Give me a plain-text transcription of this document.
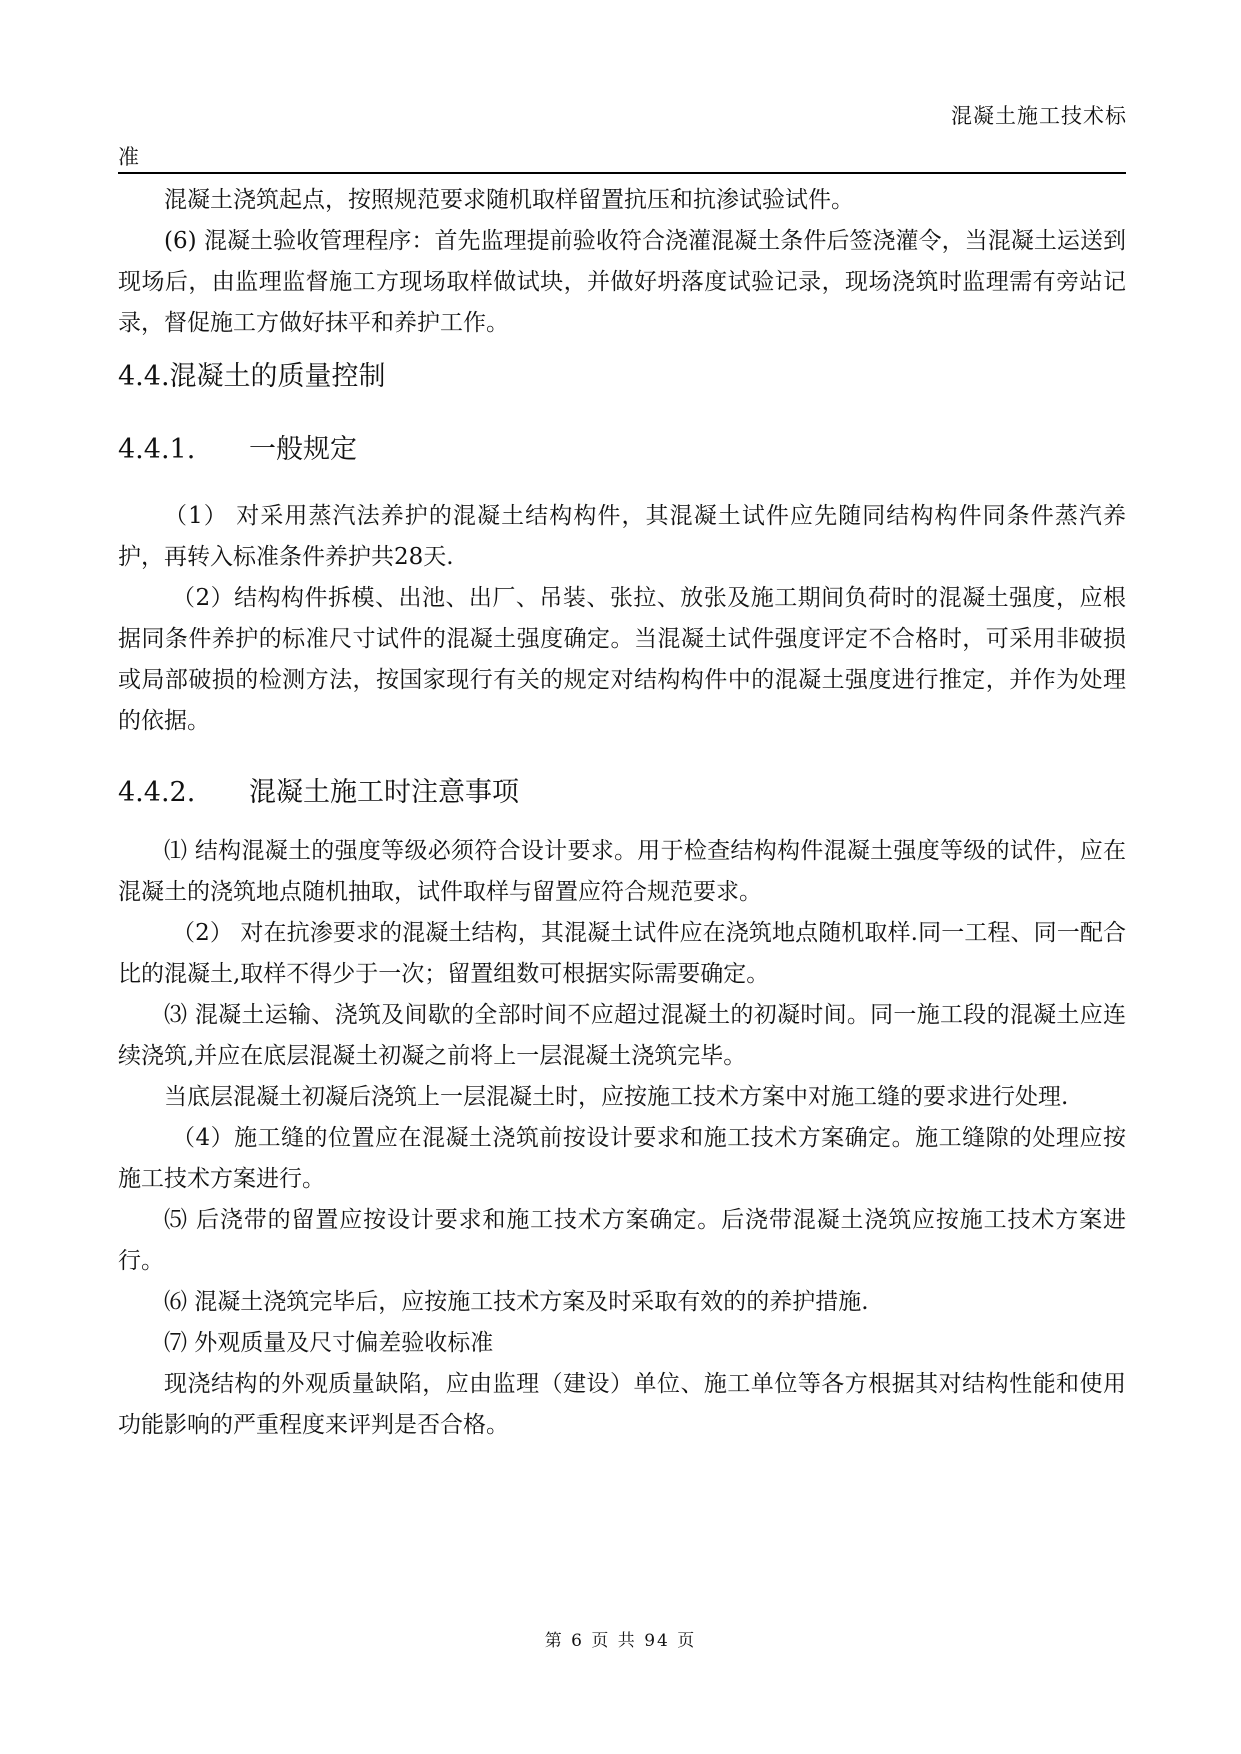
混凝土施工技术标
准

混凝土浇筑起点，按照规范要求随机取样留置抗压和抗渗试验试件。

(6) 混凝土验收管理程序：首先监理提前验收符合浇灌混凝土条件后签浇灌令，当混凝土运送到现场后，由监理监督施工方现场取样做试块，并做好坍落度试验记录，现场浇筑时监理需有旁站记录，督促施工方做好抹平和养护工作。

4.4.混凝土的质量控制
4.4.1. 一般规定

（1） 对采用蒸汽法养护的混凝土结构构件，其混凝土试件应先随同结构构件同条件蒸汽养护，再转入标准条件养护共28天.

（2）结构构件拆模、出池、出厂、吊装、张拉、放张及施工期间负荷时的混凝土强度，应根据同条件养护的标准尺寸试件的混凝土强度确定。当混凝土试件强度评定不合格时，可采用非破损或局部破损的检测方法，按国家现行有关的规定对结构构件中的混凝土强度进行推定，并作为处理的依据。

4.4.2. 混凝土施工时注意事项

⑴ 结构混凝土的强度等级必须符合设计要求。用于检查结构构件混凝土强度等级的试件，应在混凝土的浇筑地点随机抽取，试件取样与留置应符合规范要求。

（2） 对在抗渗要求的混凝土结构，其混凝土试件应在浇筑地点随机取样.同一工程、同一配合比的混凝土,取样不得少于一次；留置组数可根据实际需要确定。

⑶ 混凝土运输、浇筑及间歇的全部时间不应超过混凝土的初凝时间。同一施工段的混凝土应连续浇筑,并应在底层混凝土初凝之前将上一层混凝土浇筑完毕。

当底层混凝土初凝后浇筑上一层混凝土时，应按施工技术方案中对施工缝的要求进行处理.

（4）施工缝的位置应在混凝土浇筑前按设计要求和施工技术方案确定。施工缝隙的处理应按施工技术方案进行。

⑸ 后浇带的留置应按设计要求和施工技术方案确定。后浇带混凝土浇筑应按施工技术方案进行。

⑹ 混凝土浇筑完毕后，应按施工技术方案及时采取有效的的养护措施.

⑺ 外观质量及尺寸偏差验收标准

现浇结构的外观质量缺陷，应由监理（建设）单位、施工单位等各方根据其对结构性能和使用功能影响的严重程度来评判是否合格。

第 6 页 共 94 页
